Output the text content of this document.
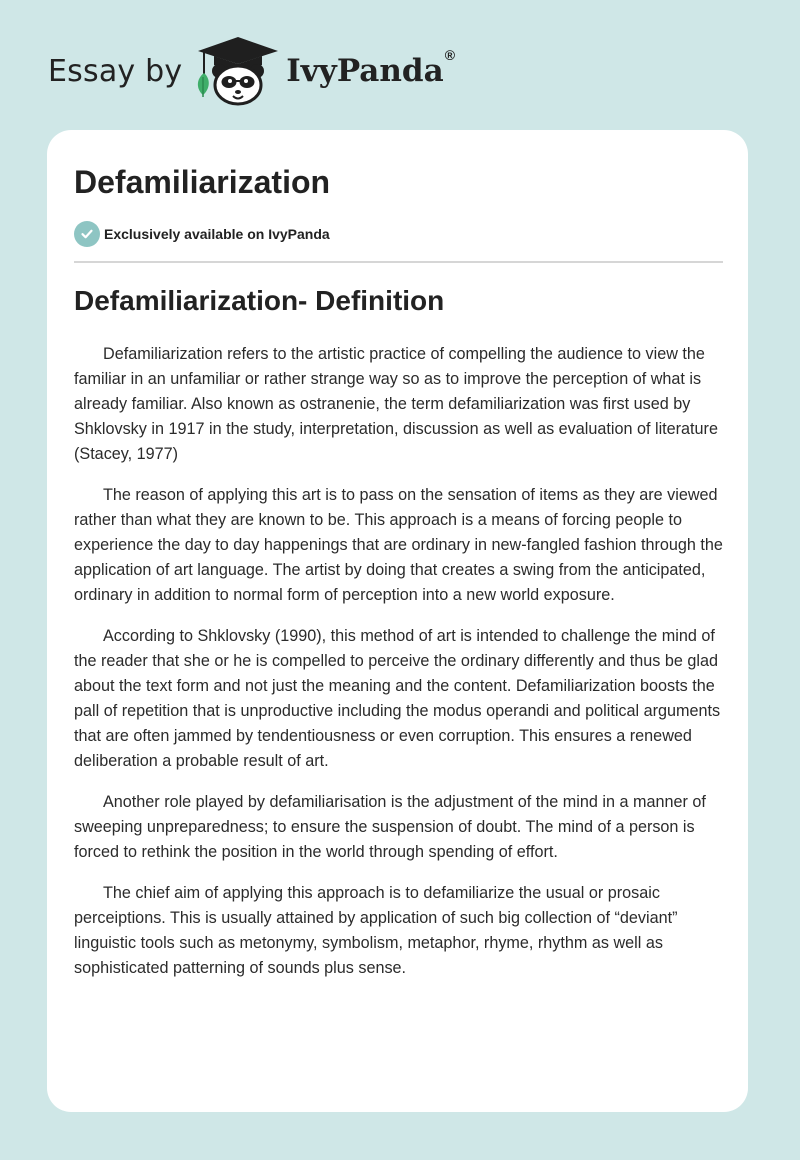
Essay by	IvyPanda®
Defamiliarization
Exclusively available on IvyPanda
Defamiliarization- Definition

Defamiliarization refers to the artistic practice of compelling the audience to view the familiar in an unfamiliar or rather strange way so as to improve the perception of what is already familiar. Also known as ostranenie, the term defamiliarization was first used by Shklovsky in 1917 in the study, interpretation, discussion as well as evaluation of literature (Stacey, 1977)

The reason of applying this art is to pass on the sensation of items as they are viewed rather than what they are known to be. This approach is a means of forcing people to experience the day to day happenings that are ordinary in new-fangled fashion through the application of art language. The artist by doing that creates a swing from the anticipated, ordinary in addition to normal form of perception into a new world exposure.

According to Shklovsky (1990), this method of art is intended to challenge the mind of the reader that she or he is compelled to perceive the ordinary differently and thus be glad about the text form and not just the meaning and the content. Defamiliarization boosts the pall of repetition that is unproductive including the modus operandi and political arguments that are often jammed by tendentiousness or even corruption. This ensures a renewed deliberation a probable result of art.

Another role played by defamiliarisation is the adjustment of the mind in a manner of sweeping unpreparedness; to ensure the suspension of doubt. The mind of a person is forced to rethink the position in the world through spending of effort.

The chief aim of applying this approach is to defamiliarize the usual or prosaic perceiptions. This is usually attained by application of such big collection of “deviant” linguistic tools such as metonymy, symbolism, metaphor, rhyme, rhythm as well as sophisticated patterning of sounds plus sense.
